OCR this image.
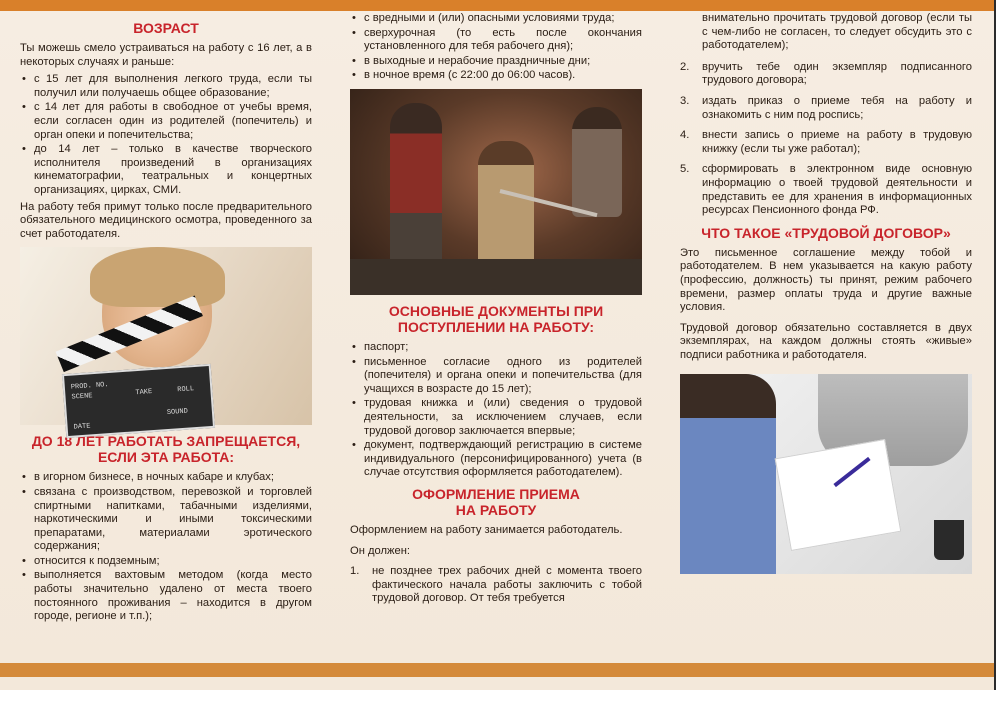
ВОЗРАСТ

Ты можешь смело устраиваться на работу с 16 лет, а в некоторых случаях и раньше:

• с 15 лет для выполнения легкого труда, если ты получил или получаешь общее образование;
• с 14 лет для работы в свободное от учебы время, если согласен один из родителей (попечитель) и орган опеки и попечительства;
• до 14 лет – только в качестве творческого исполнителя произведений в организациях кинематографии, театральных и концертных организациях, цирках, СМИ.

На работу тебя примут только после предварительного обязательного медицинского осмотра, проведенного за счет работодателя.

PROD. NO.
SCENE	TAKE	ROLL
DATE
SOUND
ДО 18 ЛЕТ РАБОТАТЬ ЗАПРЕЩАЕТСЯ, ЕСЛИ ЭТА РАБОТА:
• в игорном бизнесе, в ночных кабаре и клубах;
• связана с производством, перевозкой и торговлей спиртными напитками, табачными изделиями, наркотическими и иными токсическими препаратами, материалами эротического содержания;
• относится к подземным;
• выполняется вахтовым методом (когда место работы значительно удалено от места твоего постоянного проживания – находится в другом городе, регионе и т.п.);
• с вредными и (или) опасными условиями труда;
• сверхурочная (то есть после окончания установленного для тебя рабочего дня);
• в выходные и нерабочие праздничные дни;
• в ночное время (с 22:00 до 06:00 часов).
ОСНОВНЫЕ ДОКУМЕНТЫ ПРИ ПОСТУПЛЕНИИ НА РАБОТУ:
• паспорт;
• письменное согласие одного из родителей (попечителя) и органа опеки и попечительства (для учащихся в возрасте до 15 лет);
• трудовая книжка и (или) сведения о трудовой деятельности, за исключением случаев, если трудовой договор заключается впервые;
• документ, подтверждающий регистрацию в системе индивидуального (персонифицированного) учета (в случае отсутствия оформляется работодателем).
ОФОРМЛЕНИЕ ПРИЕМА НА РАБОТУ

Оформлением на работу занимается работодатель.

Он должен:

1. не позднее трех рабочих дней с момента твоего фактического начала работы заключить с тобой трудовой договор. От тебя требуется

внимательно прочитать трудовой договор (если ты с чем-либо не согласен, то следует обсудить это с работодателем);

2. вручить тебе один экземпляр подписанного трудового договора;
3. издать приказ о приеме тебя на работу и ознакомить с ним под роспись;
4. внести запись о приеме на работу в трудовую книжку (если ты уже работал);
5. сформировать в электронном виде основную информацию о твоей трудовой деятельности и представить ее для хранения в информационных ресурсах Пенсионного фонда РФ.
ЧТО ТАКОЕ «ТРУДОВОЙ ДОГОВОР»

Это письменное соглашение между тобой и работодателем. В нем указывается на какую работу (профессию, должность) ты принят, режим рабочего времени, размер оплаты труда и другие важные условия.

Трудовой договор обязательно составляется в двух экземплярах, на каждом должны стоять «живые» подписи работника и работодателя.
